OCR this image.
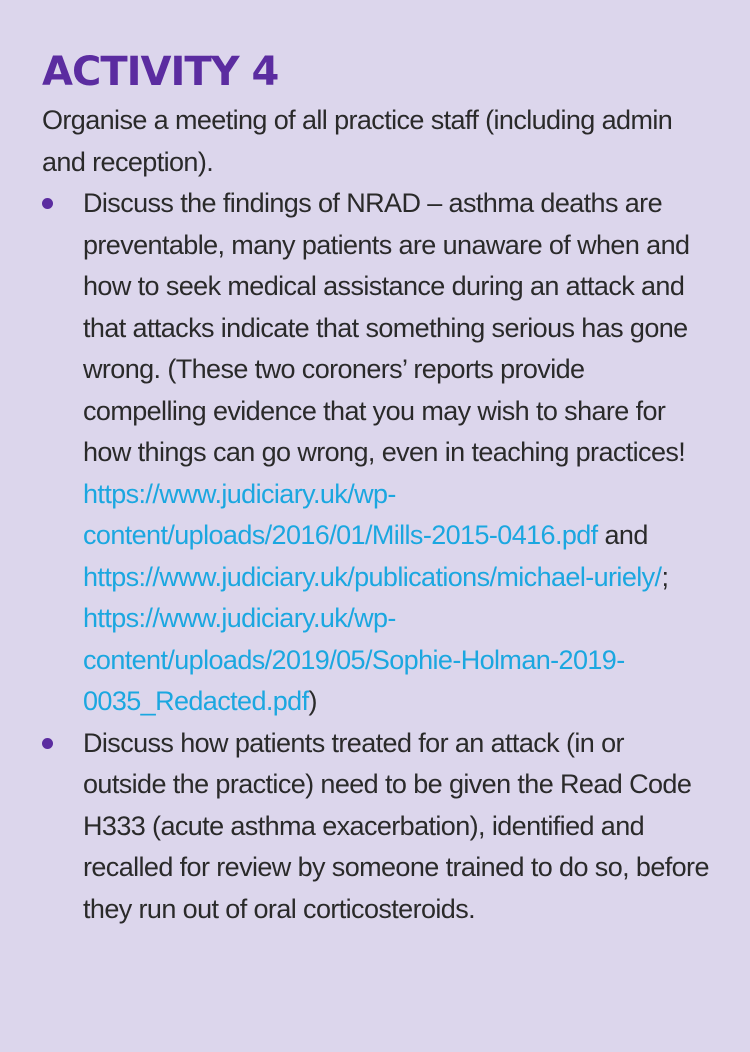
ACTIVITY 4

Organise a meeting of all practice staff (including admin and reception).

Discuss the findings of NRAD – asthma deaths are preventable, many patients are unaware of when and how to seek medical assistance during an attack and that attacks indicate that something serious has gone wrong. (These two coroners’ reports provide compelling evidence that you may wish to share for how things can go wrong, even in teaching practices! https://www.judiciary.uk/wp-content/uploads/2016/01/Mills-2015-0416.pdf and https://www.judiciary.uk/publications/michael-uriely/; https://www.judiciary.uk/wp-content/uploads/2019/05/Sophie-Holman-2019-0035_Redacted.pdf)
Discuss how patients treated for an attack (in or outside the practice) need to be given the Read Code H333 (acute asthma exacerbation), identified and recalled for review by someone trained to do so, before they run out of oral corticosteroids.
